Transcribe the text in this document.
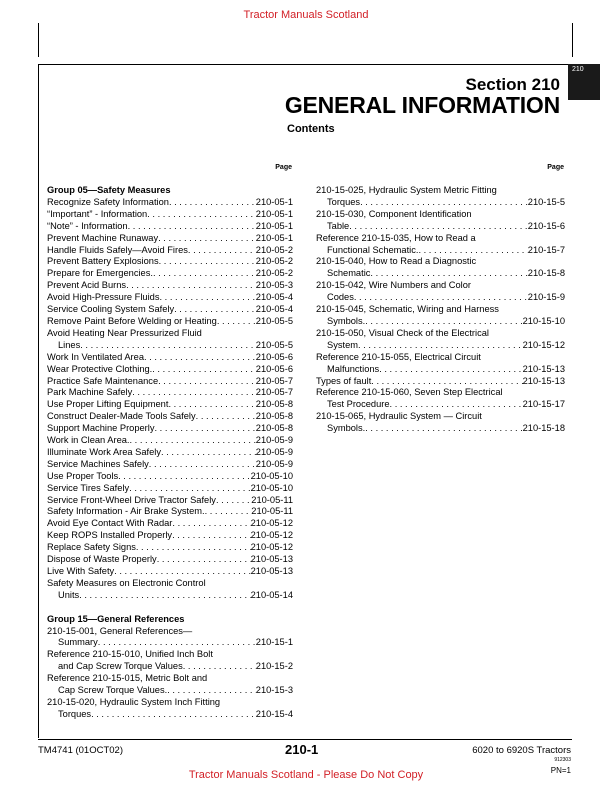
Tractor Manuals Scotland
Tractor Manuals Scotland - Please Do Not Copy
210
Section 210
GENERAL INFORMATION
Contents
Page	Page
Group 05—Safety Measures
Recognize Safety Information . . .	210-05-1
“Important” - Information . . .	210-05-1
“Note” - Information . . .	210-05-1
Prevent Machine Runaway . . .	210-05-1
Handle Fluids Safely—Avoid Fires . . .	210-05-2
Prevent Battery Explosions . . .	210-05-2
Prepare for Emergencies. . . .	210-05-2
Prevent Acid Burns . . .	210-05-3
Avoid High-Pressure Fluids . . .	210-05-4
Service Cooling System Safely . . .	210-05-4
Remove Paint Before Welding or Heating . . .	210-05-5
Avoid Heating Near Pressurized Fluid
Lines . . .	210-05-5
Work In Ventilated Area . . .	210-05-6
Wear Protective Clothing. . . .	210-05-6
Practice Safe Maintenance . . .	210-05-7
Park Machine Safely . . .	210-05-7
Use Proper Lifting Equipment . . .	210-05-8
Construct Dealer-Made Tools Safely . . .	210-05-8
Support Machine Properly . . .	210-05-8
Work in Clean Area. . . .	210-05-9
Illuminate Work Area Safely . . .	210-05-9
Service Machines Safely . . .	210-05-9
Use Proper Tools . . .	210-05-10
Service Tires Safely . . .	210-05-10
Service Front-Wheel Drive Tractor Safely . . .	210-05-11
Safety Information - Air Brake System. . . .	210-05-11
Avoid Eye Contact With Radar . . .	210-05-12
Keep ROPS Installed Properly . . .	210-05-12
Replace Safety Signs . . .	210-05-12
Dispose of Waste Properly . . .	210-05-13
Live With Safety . . .	210-05-13
Safety Measures on Electronic Control
Units . . .	210-05-14
Group 15—General References
210-15-001, General References—
Summary . . .	210-15-1
Reference 210-15-010, Unified Inch Bolt
and Cap Screw Torque Values . . .	210-15-2
Reference 210-15-015, Metric Bolt and
Cap Screw Torque Values. . . .	210-15-3
210-15-020, Hydraulic System Inch Fitting
Torques . . .	210-15-4
210-15-025, Hydraulic System Metric Fitting
Torques . . .	210-15-5
210-15-030, Component Identification
Table . . .	210-15-6
Reference 210-15-035, How to Read a
Functional Schematic. . . .	210-15-7
210-15-040, How to Read a Diagnostic
Schematic . . .	210-15-8
210-15-042, Wire Numbers and Color
Codes . . .	210-15-9
210-15-045, Schematic, Wiring and Harness
Symbols. . . .	210-15-10
210-15-050, Visual Check of the Electrical
System . . .	210-15-12
Reference 210-15-055, Electrical Circuit
Malfunctions . . .	210-15-13
Types of fault . . .	210-15-13
Reference 210-15-060, Seven Step Electrical
Test Procedure . . .	210-15-17
210-15-065, Hydraulic System — Circuit
Symbols. . . .	210-15-18
TM4741 (01OCT02)	210-1	6020 to 6920S Tractors
912303
PN=1
